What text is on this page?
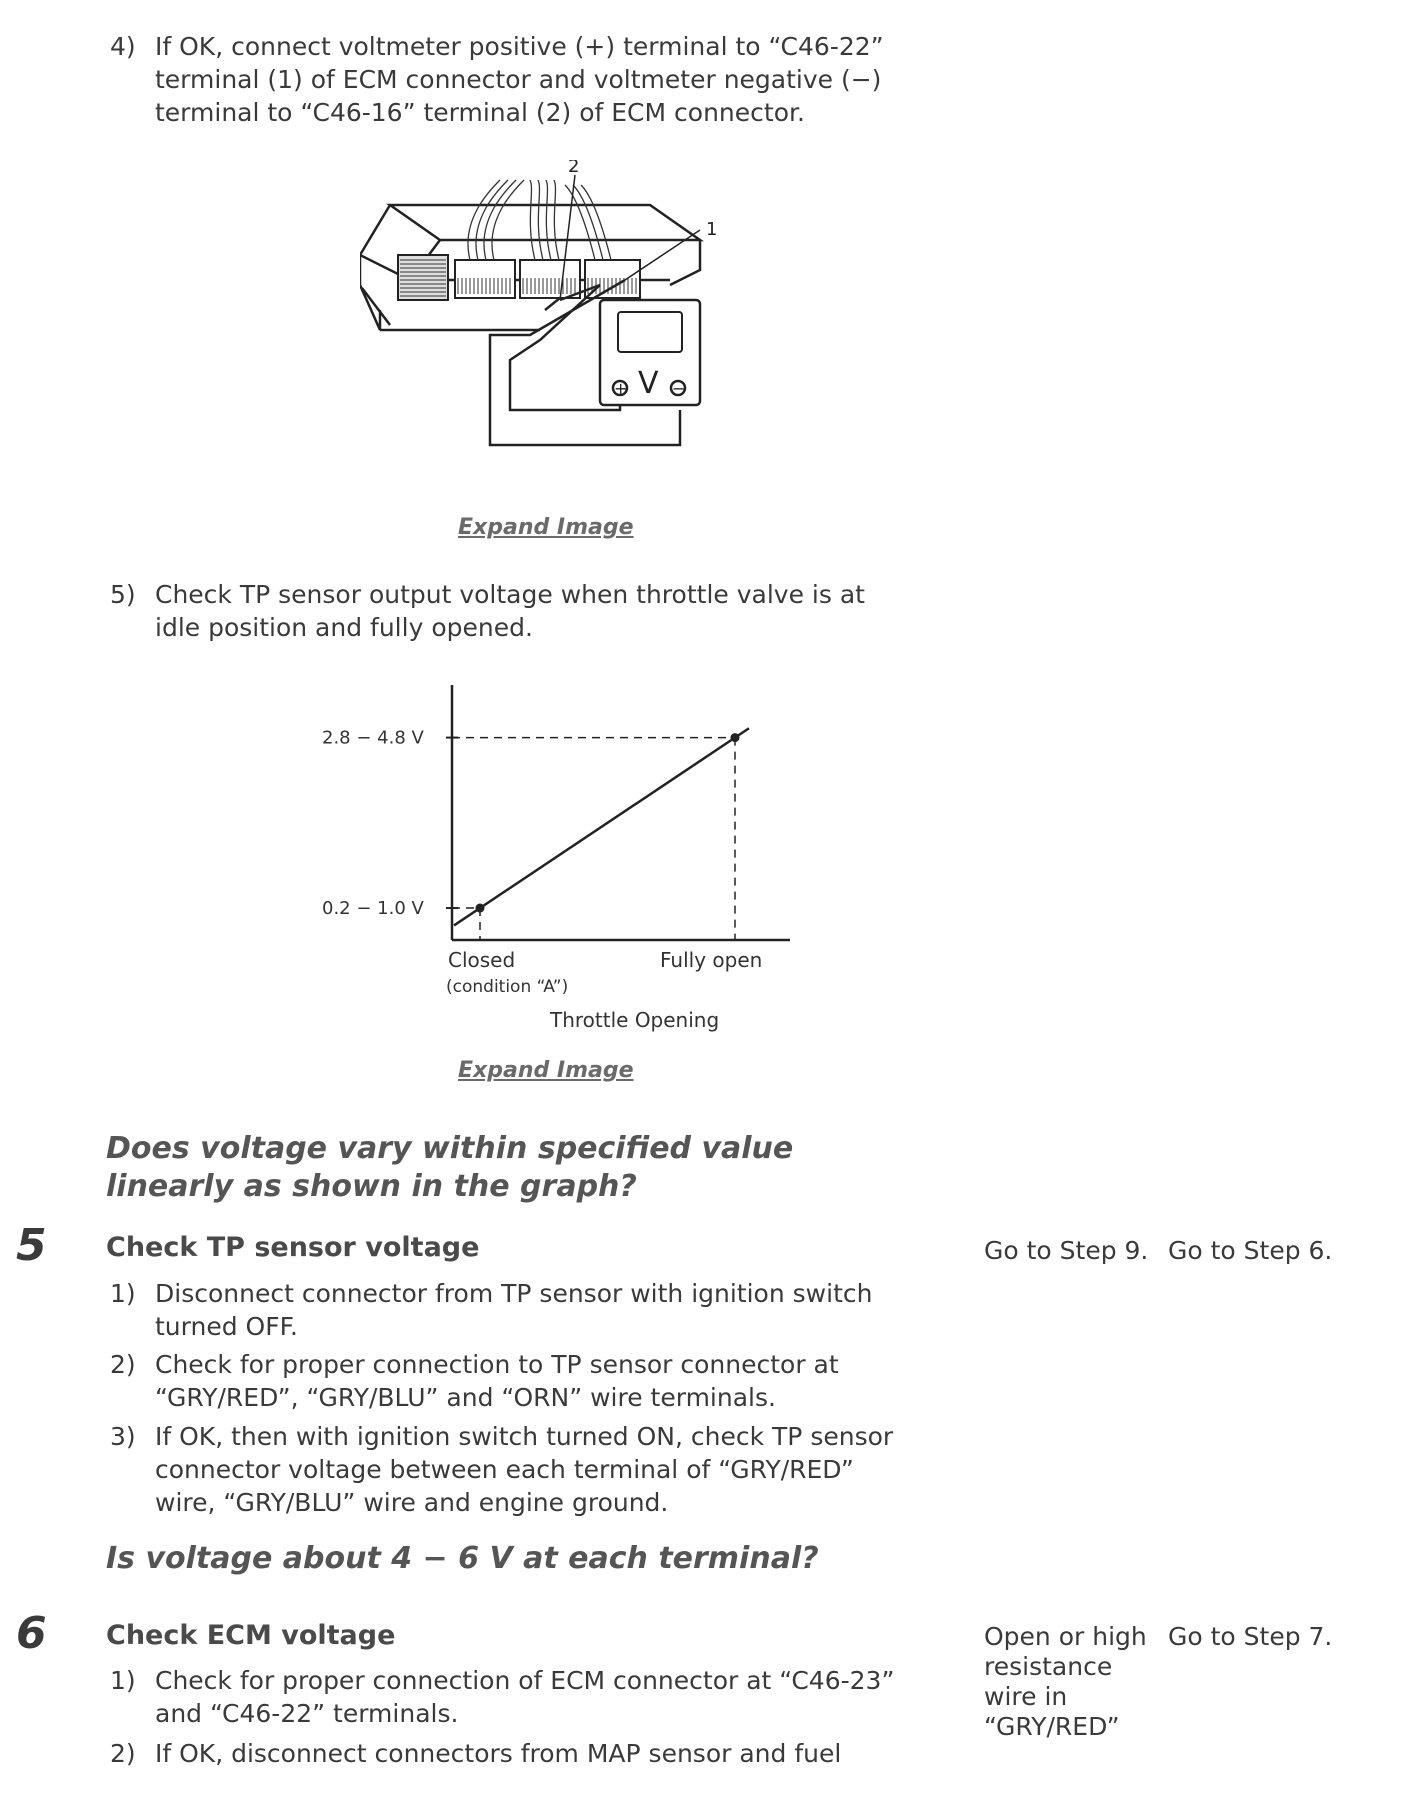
4) If OK, connect voltmeter positive (+) terminal to “C46-22”
terminal (1) of ECM connector and voltmeter negative (−)
terminal to “C46-16” terminal (2) of ECM connector.
1
2
V
+	−
Expand Image
5) Check TP sensor output voltage when throttle valve is at
idle position and fully opened.
0.2 − 1.0 V
2.8 − 4.8 V
Closed
(condition “A”)
Fully open
Throttle Opening
Expand Image
Does voltage vary within specified value
linearly as shown in the graph?
5 Check TP sensor voltage	Go to Step 9. Go to Step 6.
1) Disconnect connector from TP sensor with ignition switch
turned OFF.
2) Check for proper connection to TP sensor connector at
“GRY/RED”, “GRY/BLU” and “ORN” wire terminals.
3) If OK, then with ignition switch turned ON, check TP sensor
connector voltage between each terminal of “GRY/RED”
wire, “GRY/BLU” wire and engine ground.
Is voltage about 4 − 6 V at each terminal?
6 Check ECM voltage	Open or high
resistance
wire in
“GRY/RED”
Go to Step 7.
1) Check for proper connection of ECM connector at “C46-23”
and “C46-22” terminals.
2) If OK, disconnect connectors from MAP sensor and fuel
